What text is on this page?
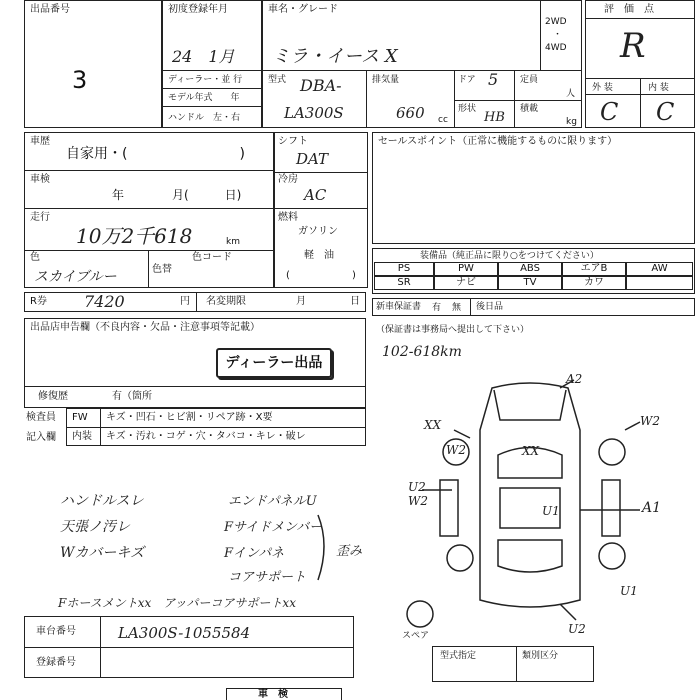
出品番号
3
初度登録年月
24　1月
ディーラー・並 行
モデル年式　　年
ハンドル　左・右
車名・グレード
ミラ・イース X
2WD
・
4WD
型式 DBA-
LA300S
排気量
660 cc
ドア 5
形状
HB
定員
人
積載
kg
評　価　点
R
外 装	内 装
C C
車歴
自家用・(　　　　　　　　)
車検
年　　　　月(　　　日)
走行
10万2千618	km
色
スカイブルー	色替
色コード
R券 7420	円 名変期限	月	日
シフト
DAT
冷房
AC
燃料
ガソリン
軽　油
(	)
セールスポイント（正常に機能するものに限ります）
装備品（純正品に限り○をつけてください）
PS	PW	ABS	エアB	AW
SR	ナビ	TV	カワ
新車保証書 有 無 後日品
（保証書は事務局へ提出して下さい）
102-618km
出品店申告欄（不良内容・欠品・注意事項等記載）
ディーラー出品
修復歴	有（箇所
検査員
記入欄
FW キズ・凹石・ヒビ割・リペア跡・X要
内装 キズ・汚れ・コゲ・穴・タバコ・キレ・破レ
ハンドルスレ
天張ノ汚レ
Wカバーキズ
エンドパネルU
Fサイドメンバー
Fインパネ
コアサポート
歪み
Fホースメントxx　アッパーコアサポートxx
車台番号	LA300S-1055584
登録番号
車　検
型式指定	類別区分
スペア
A2
XX	W2
W2
U2
W2	A1
U1
XX
U1
U2
